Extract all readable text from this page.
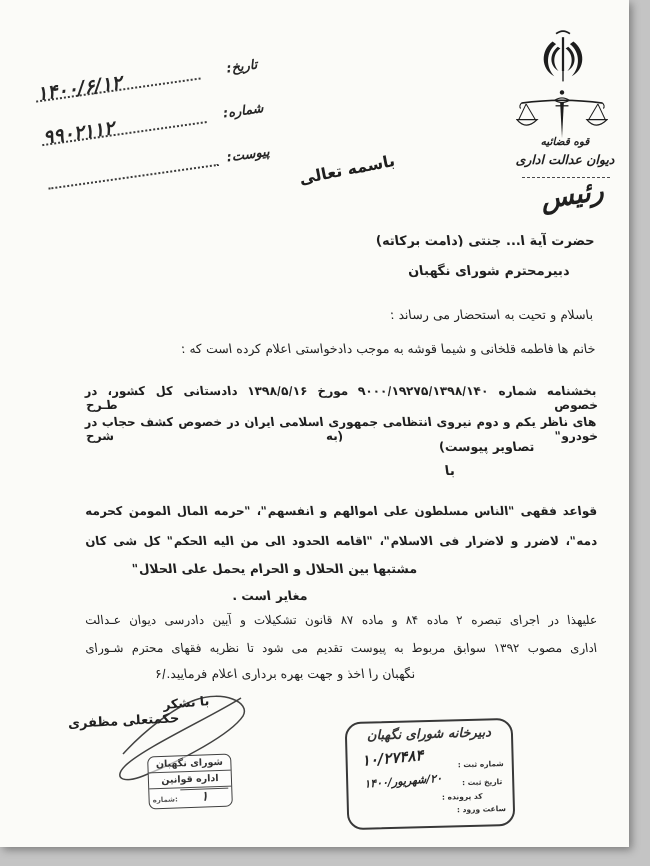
تاریخ:
۱۴۰۰/۶/۱۲
شماره:
۹۹۰۲۱۱۲
پیوست:
قوه قضائیه
دیوان عدالت اداری
رئیس
باسمه تعالی
حضرت آیة ا... جنتی (دامت برکاته)
دبیرمحترم شورای نگهبان
باسلام و تحیت به استحضار می رساند :
خانم ها فاطمه قلخانی و شیما قوشه به موجب دادخواستی اعلام کرده است که :
بخشنامه شماره ۹۰۰۰/۱۹۲۷۵/۱۳۹۸/۱۴۰ مورخ ۱۳۹۸/۵/۱۶ دادستانی کل کشور، در خصوص طـرح
های ناظر یکم و دوم نیروی انتظامی جمهوری اسلامی ایران در خصوص کشف حجاب در خودرو" (به شرح
تصاویر پیوست)
با
قواعد فقهی "الناس مسلطون علی اموالهم و انفسهم"، "حرمه المال المومن کحرمه
دمه"، لاضرر و لاضرار فی الاسلام"، "اقامه الحدود الی من الیه الحکم" کل شی کان
مشتبها بین الحلال و الحرام یحمل علی الحلال"
مغایر است .
علیهذا در اجرای تبصره ۲ ماده ۸۴ و ماده ۸۷ قانون تشکیلات و آیین دادرسی دیوان عـدالت
اداری مصوب ۱۳۹۲ سوابق مربوط به پیوست تقدیم می شود تا نظریه فقهای محترم شـورای
نگهبان را اخذ و جهت بهره برداری اعلام فرمایید./۶
با تشکر
حکمتعلی مظفری
شورای نگهبان
اداره قوانین
شماره:	۱
دبیرخانه شورای نگهبان
۱۰/۲۷۴۸۴
۲۰/شهریور/۱۴۰۰
شماره ثبت :
تاریخ ثبت :
کد پرونده :
ساعت ورود :
